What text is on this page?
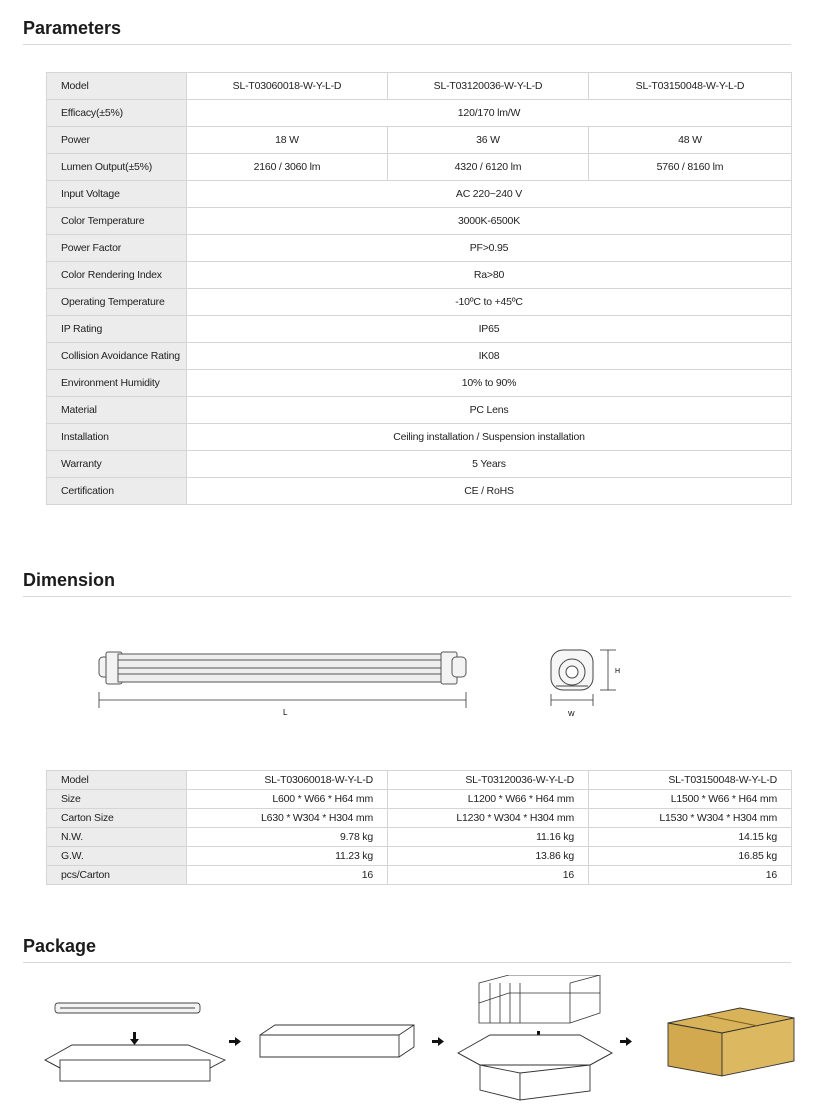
Parameters
Model	SL-T03060018-W-Y-L-D	SL-T03120036-W-Y-L-D	SL-T03150048-W-Y-L-D
Efficacy(±5%)	120/170 lm/W		
Power	18 W	36 W	48 W
Lumen Output(±5%)	2160 / 3060 lm	4320 / 6120 lm	5760 / 8160 lm
Input Voltage	AC 220~240 V		
Color Temperature	3000K-6500K		
Power Factor	PF>0.95		
Color Rendering Index	Ra>80		
Operating Temperature	-10ºC to +45ºC		
IP Rating	IP65		
Collision Avoidance Rating	IK08		
Environment Humidity	10% to 90%		
Material	PC Lens		
Installation	Ceiling installation / Suspension installation		
Warranty	5 Years		
Certification	CE / RoHS		
Dimension
L
H
W
Model	SL-T03060018-W-Y-L-D	SL-T03120036-W-Y-L-D	SL-T03150048-W-Y-L-D
Size	L600 * W66 * H64 mm	L1200 * W66 * H64 mm	L1500 * W66 * H64 mm
Carton Size	L630 * W304 * H304 mm	L1230 * W304 * H304 mm	L1530 * W304 * H304 mm
N.W.	9.78 kg	11.16 kg	14.15 kg
G.W.	11.23 kg	13.86 kg	16.85 kg
pcs/Carton	16	16	16
Package
